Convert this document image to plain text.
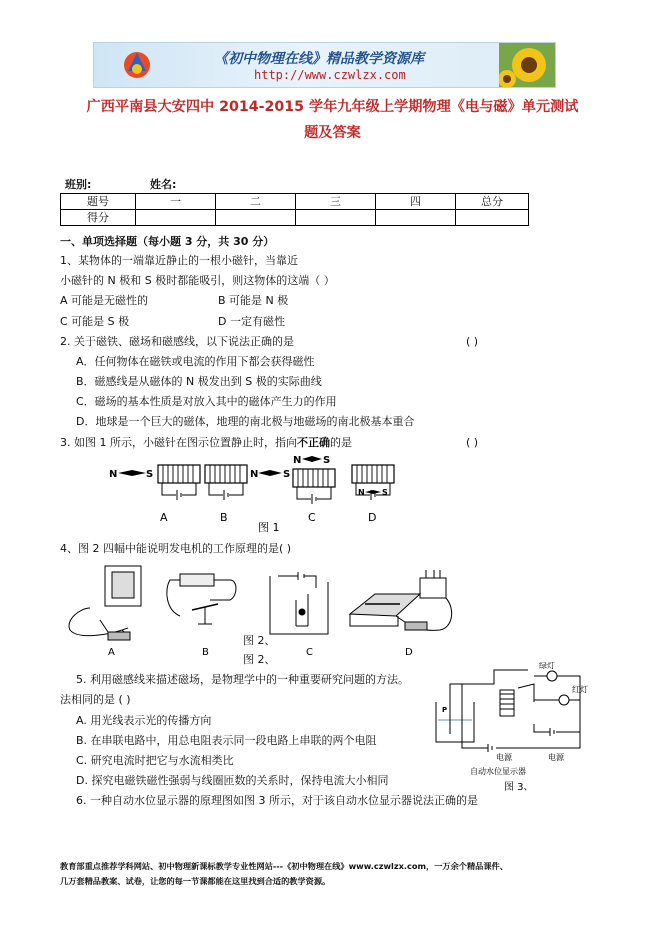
《初中物理在线》精品教学资源库
http://www.czwlzx.com
广西平南县大安四中 2014-2015 学年九年级上学期物理《电与磁》单元测试
题及答案
班别:	姓名:
题号	一	二	三	四	总分
得分					
一、单项选择题（每小题 3 分，共 30 分）
1、某物体的一端靠近静止的一根小磁针，当靠近
小磁针的 N 极和 S 极时都能吸引，则这物体的这端（ ）
A 可能是无磁性的	B 可能是 N 极
C 可能是 S 极	D 一定有磁性
2. 关于磁铁、磁场和磁感线，以下说法正确的是	( )
A．任何物体在磁铁或电流的作用下都会获得磁性
B．磁感线是从磁体的 N 极发出到 S 极的实际曲线
C．磁场的基本性质是对放入其中的磁体产生力的作用
D．地球是一个巨大的磁体，地理的南北极与地磁场的南北极基本重合
3. 如图 1 所示，小磁针在图示位置静止时，指向不正确的是	( )
N	S
A
N S
B
N S
C
N S
D
图 1
4、图 2 四幅中能说明发电机的工作原理的是( )
A	B	C	D
图 2、
图 2、
5. 利用磁感线来描述磁场，是物理学中的一种重要研究问题的方法。
法相同的是 ( )
A. 用光线表示光的传播方向
B. 在串联电路中，用总电阻表示同一段电路上串联的两个电阻
C. 研究电流时把它与水流相类比
D. 探究电磁铁磁性强弱与线圈匝数的关系时，保持电流大小相同
P
绿灯
红灯
电源	电源
自动水位显示器
图 3、
6. 一种自动水位显示器的原理图如图 3 所示，对于该自动水位显示器说法正确的是
教育部重点推荐学科网站、初中物理新课标教学专业性网站---《初中物理在线》www.czwlzx.com，一万余个精品课件、
几万套精品教案、试卷，让您的每一节课都能在这里找到合适的教学资源。
